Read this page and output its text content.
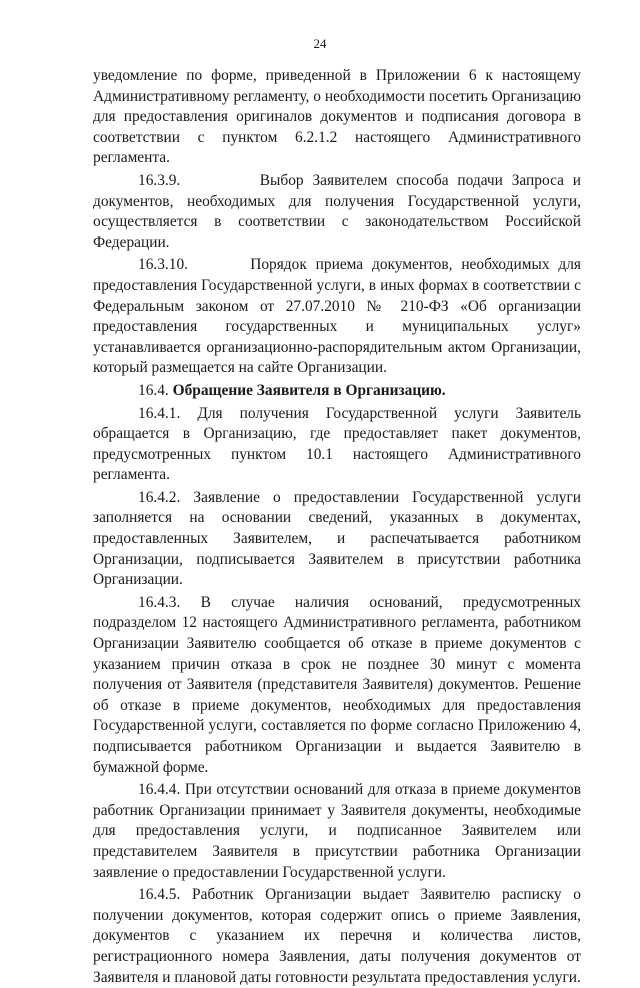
24

уведомление по форме, приведенной в Приложении 6 к настоящему Административному регламенту, о необходимости посетить Организацию для предоставления оригиналов документов и подписания договора в соответствии с пунктом 6.2.1.2 настоящего Административного регламента.

16.3.9.	Выбор Заявителем способа подачи Запроса и документов, необходимых для получения Государственной услуги, осуществляется в соответствии с законодательством Российской Федерации.

16.3.10.	Порядок приема документов, необходимых для предоставления Государственной услуги, в иных формах в соответствии с Федеральным законом от 27.07.2010 № 210-ФЗ «Об организации предоставления государственных и муниципальных услуг» устанавливается организационно-распорядительным актом Организации, который размещается на сайте Организации.

16.4. Обращение Заявителя в Организацию.

16.4.1. Для получения Государственной услуги Заявитель обращается в Организацию, где предоставляет пакет документов, предусмотренных пунктом 10.1 настоящего Административного регламента.

16.4.2. Заявление о предоставлении Государственной услуги заполняется на основании сведений, указанных в документах, предоставленных Заявителем, и распечатывается работником Организации, подписывается Заявителем в присутствии работника Организации.

16.4.3. В случае наличия оснований, предусмотренных подразделом 12 настоящего Административного регламента, работником Организации Заявителю сообщается об отказе в приеме документов с указанием причин отказа в срок не позднее 30 минут с момента получения от Заявителя (представителя Заявителя) документов. Решение об отказе в приеме документов, необходимых для предоставления Государственной услуги, составляется по форме согласно Приложению 4, подписывается работником Организации и выдается Заявителю в бумажной форме.

16.4.4. При отсутствии оснований для отказа в приеме документов работник Организации принимает у Заявителя документы, необходимые для предоставления услуги, и подписанное Заявителем или представителем Заявителя в присутствии работника Организации заявление о предоставлении Государственной услуги.

16.4.5. Работник Организации выдает Заявителю расписку о получении документов, которая содержит опись о приеме Заявления, документов с указанием их перечня и количества листов, регистрационного номера Заявления, даты получения документов от Заявителя и плановой даты готовности результата предоставления услуги.
